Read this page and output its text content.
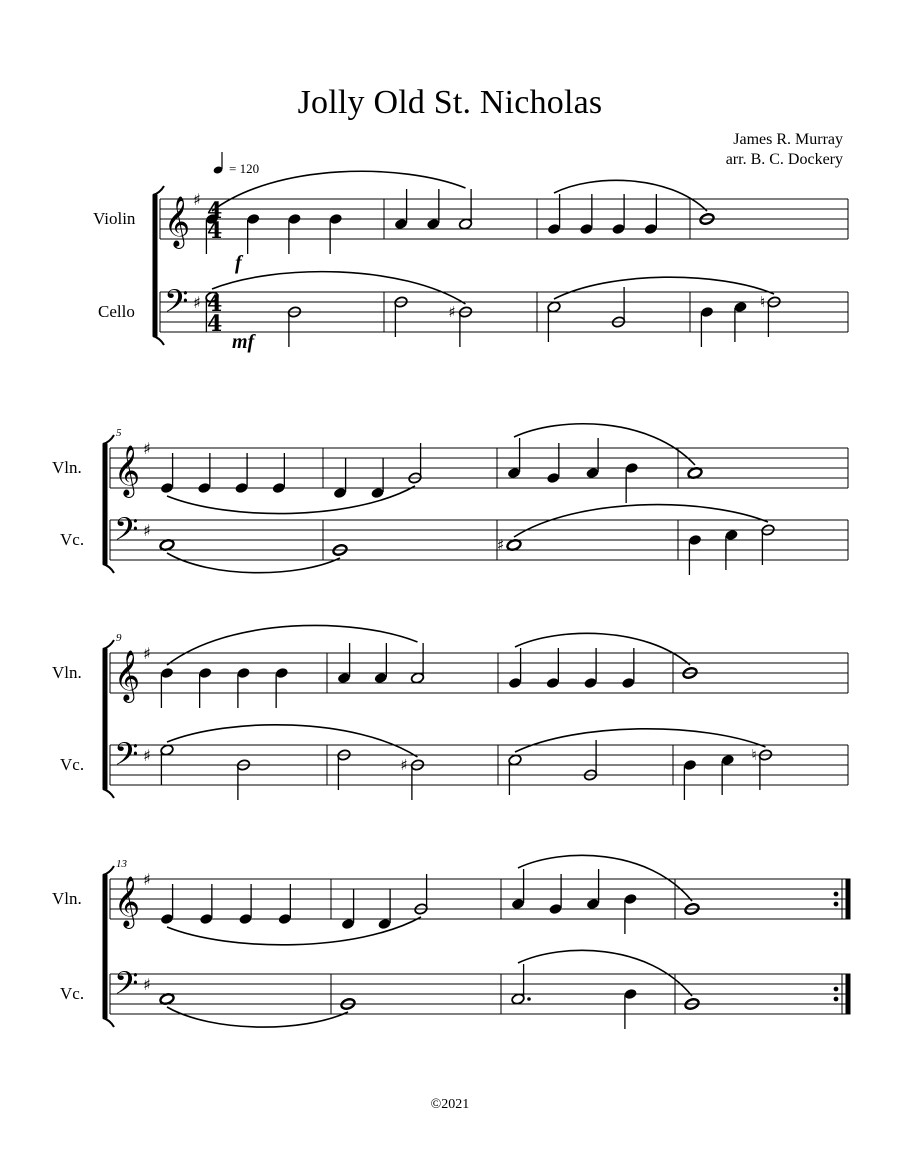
Jolly Old St. Nicholas
James R. Murray
arr. B. C. Dockery
♯
♮
♯
♯
♮
𝄞
𝄢
♯
♯
4
4
4
4
Violin
Cello
𝄞
𝄢
♯
♯
Vln.
Vc.
5
𝄞
𝄢
♯
♯
Vln.
Vc.
9
𝄞
𝄢
♯
♯
Vln.
Vc.
13
= 120
f
mf
©2021
